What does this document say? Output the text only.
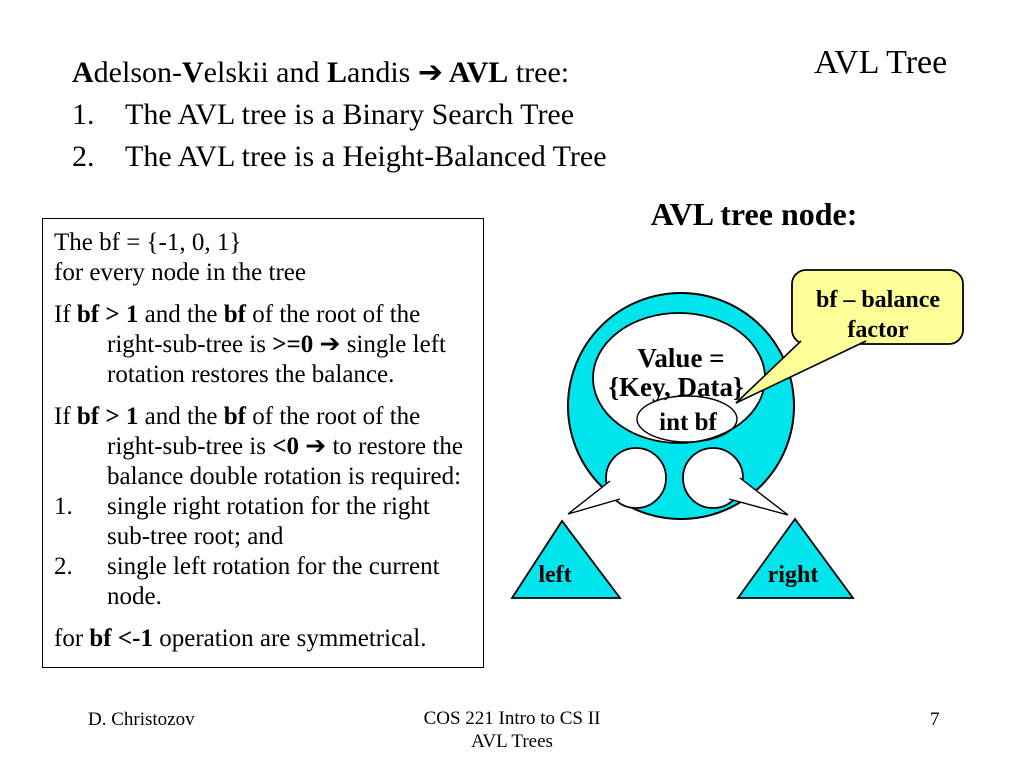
AVL Tree
Adelson-Velskii and Landis ➔ AVL tree:
1.	The AVL tree is a Binary Search Tree
2.	The AVL tree is a Height-Balanced Tree
AVL tree node:
The bf = {-1, 0, 1}
for every node in the tree
If bf > 1 and the bf of the root of the
right-sub-tree is >=0 ➔ single left
rotation restores the balance.
If bf > 1 and the bf of the root of the
right-sub-tree is <0 ➔ to restore the
balance double rotation is required:
1.	single right rotation for the right
sub-tree root; and
2.	single left rotation for the current
node.
for bf <-1 operation are symmetrical.
Value =
{Key, Data}
int bf
left	right
bf – balance
factor
D. Christozov	COS 221 Intro to CS II
AVL Trees
7
